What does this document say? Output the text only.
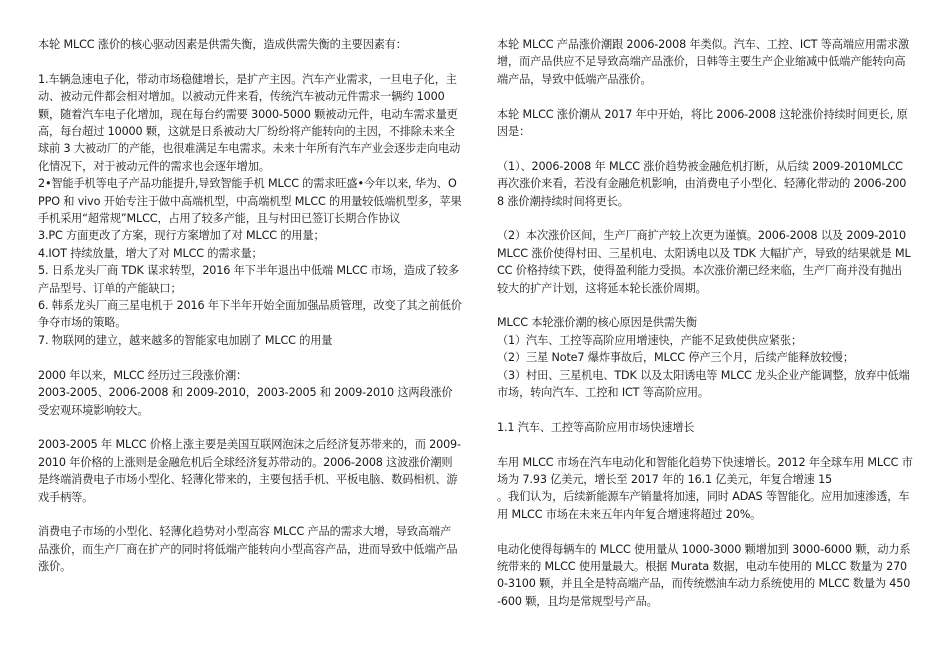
本轮 MLCC 涨价的核心驱动因素是供需失衡，造成供需失衡的主要因素有：

1.车辆急速电子化，带动市场稳健增长，是扩产主因。汽车产业需求，一旦电子化，主动、被动元件都会相对增加。以被动元件来看，传统汽车被动元件需求一辆约 1000 颗，随着汽车电子化增加，现在每台约需要 3000-5000 颗被动元件，电动车需求量更高，每台超过 10000 颗，这就是日系被动大厂纷纷将产能转向的主因，不排除未来全球前 3 大被动厂的产能，也很难满足车电需求。未来十年所有汽车产业会逐步走向电动化情况下，对于被动元件的需求也会逐年增加。

2•智能手机等电子产品功能提升,导致智能手机 MLCC 的需求旺盛•今年以来, 华为、OPPO 和 vivo 开始专注于做中高端机型，中高端机型 MLCC 的用量较低端机型多，苹果手机采用“超常规”MLCC，占用了较多产能，且与村田已签订长期合作协议

3.PC 方面更改了方案，现行方案增加了对 MLCC 的用量；

4.IOT 持续放量，增大了对 MLCC 的需求量；

5. 日系龙头厂商 TDK 谋求转型，2016 年下半年退出中低端 MLCC 市场，造成了较多产品型号、订单的产能缺口；

6. 韩系龙头厂商三星电机于 2016 年下半年开始全面加强品质管理，改变了其之前低价争夺市场的策略。

7. 物联网的建立，越来越多的智能家电加剧了 MLCC 的用量

2000 年以来，MLCC 经历过三段涨价潮：

2003-2005、2006-2008 和 2009-2010，2003-2005 和 2009-2010 这两段涨价受宏观环境影响较大。

2003-2005 年 MLCC 价格上涨主要是美国互联网泡沫之后经济复苏带来的，而 2009-2010 年价格的上涨则是金融危机后全球经济复苏带动的。2006-2008 这波涨价潮则是终端消费电子市场小型化、轻薄化带来的，主要包括手机、平板电脑、数码相机、游戏手柄等。

消费电子市场的小型化、轻薄化趋势对小型高容 MLCC 产品的需求大增，导致高端产品涨价，而生产厂商在扩产的同时将低端产能转向小型高容产品，进而导致中低端产品涨价。

本轮 MLCC 产品涨价潮跟 2006-2008 年类似。汽车、工控、ICT 等高端应用需求激增，而产品供应不足导致高端产品涨价，日韩等主要生产企业缩减中低端产能转向高端产品，导致中低端产品涨价。

本轮 MLCC 涨价潮从 2017 年中开始，将比 2006-2008 这轮涨价持续时间更长, 原因是：

（1）、2006-2008 年 MLCC 涨价趋势被金融危机打断，从后续 2009-2010MLCC 再次涨价来看，若没有金融危机影响，由消费电子小型化、轻薄化带动的 2006-2008 涨价潮持续时间将更长。

（2）本次涨价区间，生产厂商扩产较上次更为谨慎。2006-2008 以及 2009-2010MLCC 涨价使得村田、三星机电、太阳诱电以及 TDK 大幅扩产，导致的结果就是 MLCC 价格持续下跌，使得盈利能力受损。本次涨价潮已经来临，生产厂商并没有抛出较大的扩产计划，这将延本轮长涨价周期。

MLCC 本轮涨价潮的核心原因是供需失衡

（1）汽车、工控等高阶应用增速快，产能不足致使供应紧张；

（2）三星 Note7 爆炸事故后，MLCC 停产三个月，后续产能释放较慢；

（3）村田、三星机电、TDK 以及太阳诱电等 MLCC 龙头企业产能调整，放弃中低端市场，转向汽车、工控和 ICT 等高阶应用。

1.1 汽车、工控等高阶应用市场快速增长

车用 MLCC 市场在汽车电动化和智能化趋势下快速增长。2012 年全球车用 MLCC 市场为 7.93 亿美元，增长至 2017 年的 16.1 亿美元，年复合增速 15

。我们认为，后续新能源车产销量将加速，同时 ADAS 等智能化。应用加速渗透，车用 MLCC 市场在未来五年内年复合增速将超过 20%。

电动化使得每辆车的 MLCC 使用量从 1000-3000 颗增加到 3000-6000 颗，动力系统带来的 MLCC 使用量最大。根据 Murata 数据，电动车使用的 MLCC 数量为 2700-3100 颗，并且全是特高端产品，而传统燃油车动力系统使用的 MLCC 数量为 450-600 颗，且均是常规型号产品。
